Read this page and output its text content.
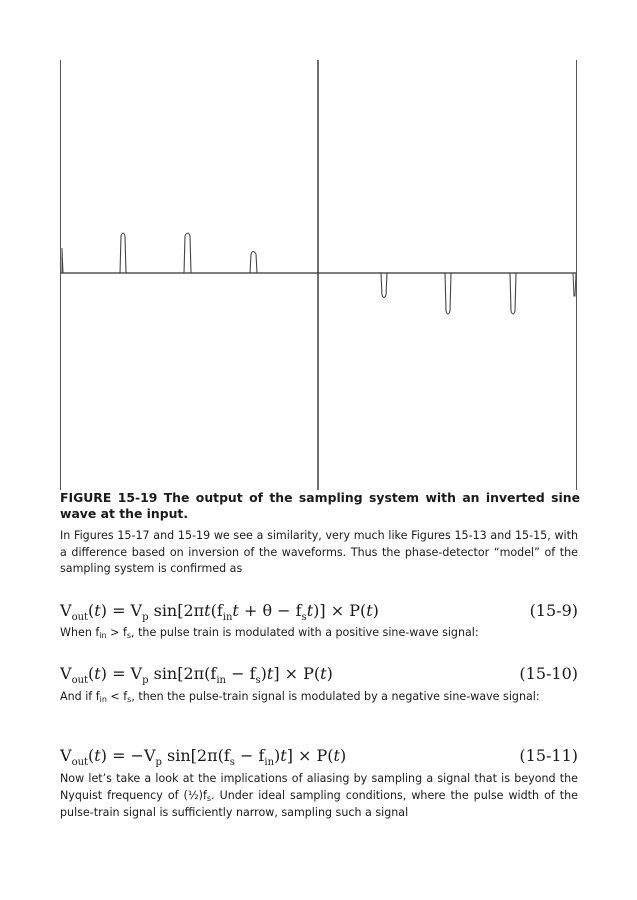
FIGURE 15-19 The output of the sampling system with an inverted sine wave at the input.

In Figures 15-17 and 15-19 we see a similarity, very much like Figures 15-13 and 15-15, with a difference based on inversion of the waveforms. Thus the phase-detector “model” of the sampling system is confirmed as

$V_{out}(t) = V_p$ $\sin[2\pi t(f_{in}t + \theta - f_st)] \times P(t)$	(15-9)

When fin > fs, the pulse train is modulated with a positive sine-wave signal:

$V_{out}(t) = V_p$ $\sin[2\pi(f_{in} - f_s)t] \times P(t)$	(15-10)

And if fin < fs, then the pulse-train signal is modulated by a negative sine-wave signal:

$V_{out}(t) = -V_p$ $\sin[2\pi(f_s - f_{in})t] \times P(t)$	(15-11)

Now let’s take a look at the implications of aliasing by sampling a signal that is beyond the Nyquist frequency of (½)fs. Under ideal sampling conditions, where the pulse width of the pulse-train signal is sufficiently narrow, sampling such a signal
